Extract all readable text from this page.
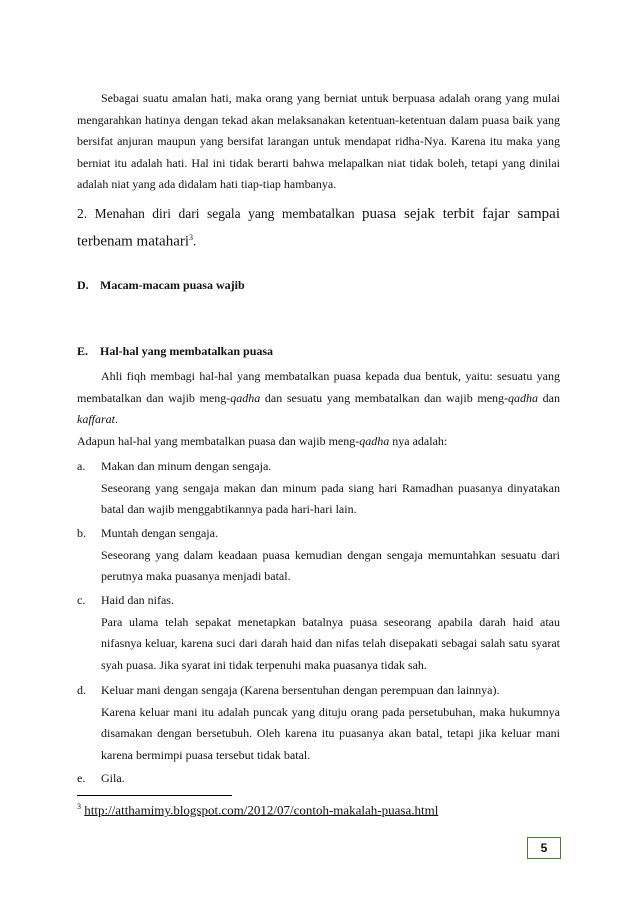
Sebagai suatu amalan hati, maka orang yang berniat untuk berpuasa adalah orang yang mulai mengarahkan hatinya dengan tekad akan melaksanakan ketentuan-ketentuan dalam puasa baik yang bersifat anjuran maupun yang bersifat larangan untuk mendapat ridha-Nya. Karena itu maka yang berniat itu adalah hati. Hal ini tidak berarti bahwa melapalkan niat tidak boleh, tetapi yang dinilai adalah niat yang ada didalam hati tiap-tiap hambanya.

2. Menahan diri dari segala yang membatalkan puasa sejak terbit fajar sampai terbenam matahari$^3$.

D. Macam-macam puasa wajib

E. Hal-hal yang membatalkan puasa

Ahli fiqh membagi hal-hal yang membatalkan puasa kepada dua bentuk, yaitu: sesuatu yang membatalkan dan wajib meng-qadha dan sesuatu yang membatalkan dan wajib meng-qadha dan kaffarat.

Adapun hal-hal yang membatalkan puasa dan wajib meng-qadha nya adalah:

a. Makan dan minum dengan sengaja.

Seseorang yang sengaja makan dan minum pada siang hari Ramadhan puasanya dinyatakan batal dan wajib menggabtikannya pada hari-hari lain.

b. Muntah dengan sengaja.

Seseorang yang dalam keadaan puasa kemudian dengan sengaja memuntahkan sesuatu dari perutnya maka puasanya menjadi batal.

c. Haid dan nifas.

Para ulama telah sepakat menetapkan batalnya puasa seseorang apabila darah haid atau nifasnya keluar, karena suci dari darah haid dan nifas telah disepakati sebagai salah satu syarat syah puasa. Jika syarat ini tidak terpenuhi maka puasanya tidak sah.

d. Keluar mani dengan sengaja (Karena bersentuhan dengan perempuan dan lainnya).

Karena keluar mani itu adalah puncak yang dituju orang pada persetubuhan, maka hukumnya disamakan dengan bersetubuh. Oleh karena itu puasanya akan batal, tetapi jika keluar mani karena bermimpi puasa tersebut tidak batal.

e. Gila.
$^3$ http://atthamimy.blogspot.com/2012/07/contoh-makalah-puasa.html
5
